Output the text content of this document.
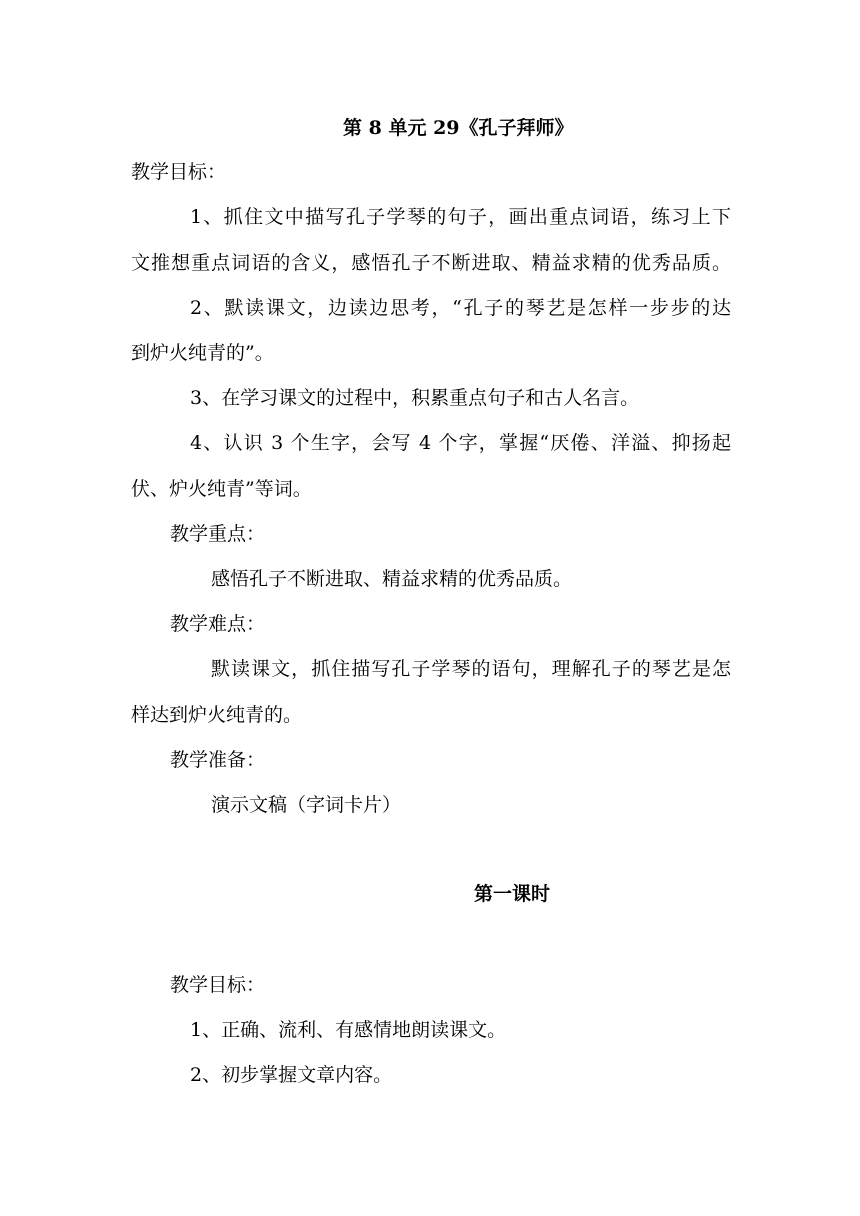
第 8 单元 29《孔子拜师》
教学目标：
1、抓住文中描写孔子学琴的句子，画出重点词语，练习上下
文推想重点词语的含义，感悟孔子不断进取、精益求精的优秀品质。
2、默读课文，边读边思考，“孔子的琴艺是怎样一步步的达
到炉火纯青的”。
3、在学习课文的过程中，积累重点句子和古人名言。
4、认识 3 个生字，会写 4 个字，掌握“厌倦、洋溢、抑扬起
伏、炉火纯青”等词。
教学重点：
感悟孔子不断进取、精益求精的优秀品质。
教学难点：
默读课文，抓住描写孔子学琴的语句，理解孔子的琴艺是怎
样达到炉火纯青的。
教学准备：
演示文稿（字词卡片）
第一课时
教学目标：
1、正确、流利、有感情地朗读课文。
2、初步掌握文章内容。
